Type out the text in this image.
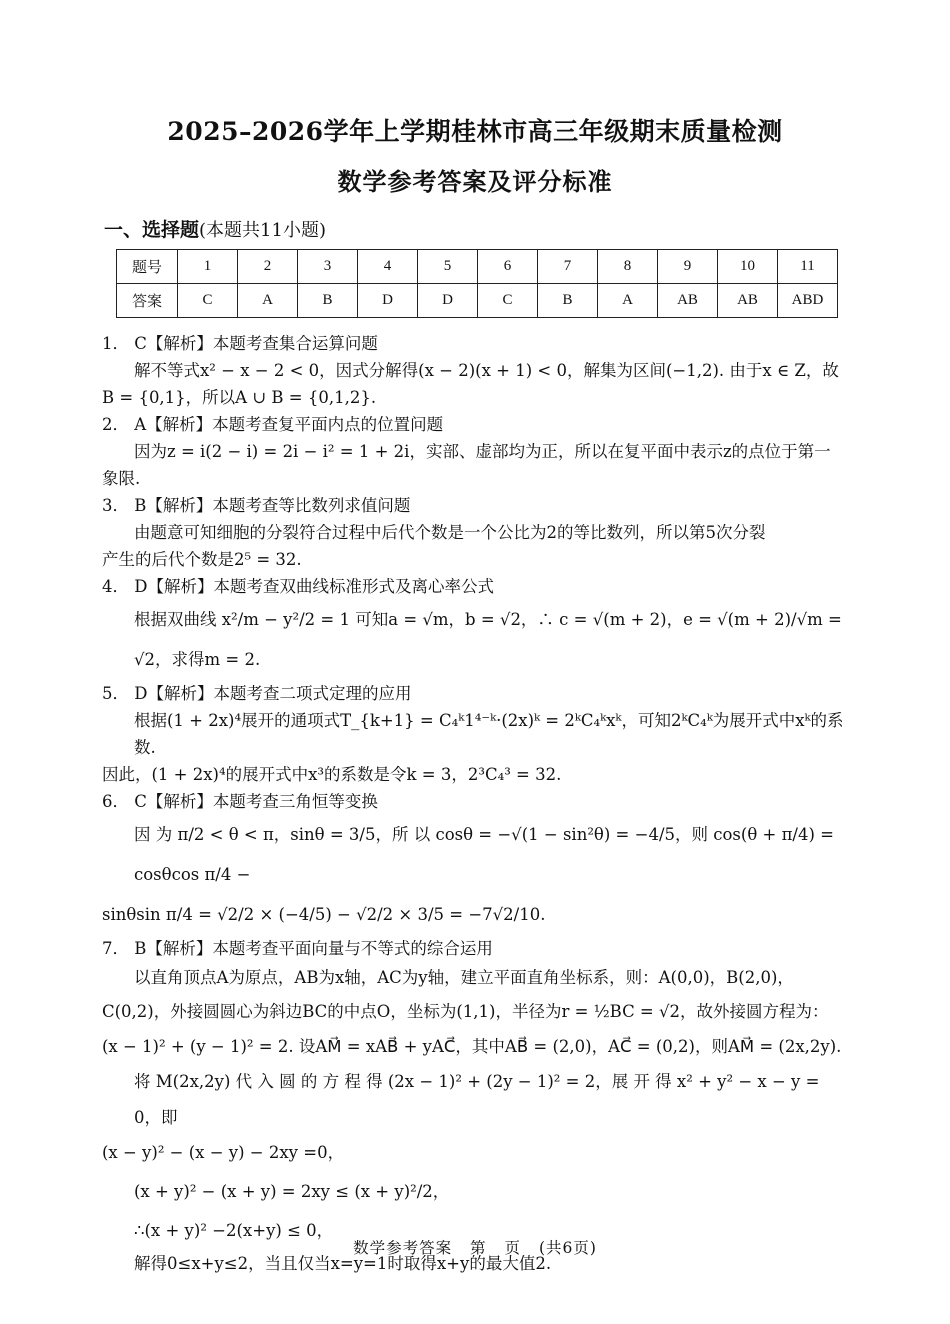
2025–2026学年上学期桂林市高三年级期末质量检测
数学参考答案及评分标准
一、选择题(本题共11小题)
题号	1	2	3	4	5	6	7	8	9	10	11
答案	C	A	B	D	D	C	B	A	AB	AB	ABD

1． C【解析】本题考查集合运算问题

解不等式x² − x − 2 < 0，因式分解得(x − 2)(x + 1) < 0，解集为区间(−1,2). 由于x ∈ Z，故

B = {0,1}，所以A ∪ B = {0,1,2}.

2． A【解析】本题考查复平面内点的位置问题

因为z = i(2 − i) = 2i − i² = 1 + 2i，实部、虚部均为正，所以在复平面中表示z的点位于第一

象限.

3． B【解析】本题考查等比数列求值问题

由题意可知细胞的分裂符合过程中后代个数是一个公比为2的等比数列，所以第5次分裂

产生的后代个数是2⁵ = 32.

4． D【解析】本题考查双曲线标准形式及离心率公式

根据双曲线 x²/m − y²/2 = 1 可知a = √m，b = √2，∴ c = √(m + 2)，e = √(m + 2)/√m = √2，求得m = 2.

5． D【解析】本题考查二项式定理的应用

根据(1 + 2x)⁴展开的通项式T_{k+1} = C₄ᵏ1⁴⁻ᵏ·(2x)ᵏ = 2ᵏC₄ᵏxᵏ，可知2ᵏC₄ᵏ为展开式中xᵏ的系数.

因此，(1 + 2x)⁴的展开式中x³的系数是令k = 3，2³C₄³ = 32.

6． C【解析】本题考查三角恒等变换

因 为 π/2 < θ < π，sinθ = 3/5，所 以 cosθ = −√(1 − sin²θ) = −4/5，则 cos(θ + π/4) = cosθcos π/4 −

sinθsin π/4 = √2/2 × (−4/5) − √2/2 × 3/5 = −7√2/10.

7． B【解析】本题考查平面向量与不等式的综合运用

以直角顶点A为原点，AB为x轴，AC为y轴，建立平面直角坐标系，则：A(0,0)，B(2,0)，

C(0,2)，外接圆圆心为斜边BC的中点O，坐标为(1,1)，半径为r = ½BC = √2，故外接圆方程为：

(x − 1)² + (y − 1)² = 2. 设AM⃗ = xAB⃗ + yAC⃗，其中AB⃗ = (2,0)，AC⃗ = (0,2)，则AM⃗ = (2x,2y).

将 M(2x,2y) 代 入 圆 的 方 程 得 (2x − 1)² + (2y − 1)² = 2，展 开 得 x² + y² − x − y = 0，即

(x − y)² − (x − y) − 2xy =0，

(x + y)² − (x + y) = 2xy ≤ (x + y)²/2，

∴(x + y)² −2(x+y) ≤ 0，

解得0≤x+y≤2，当且仅当x=y=1时取得x+y的最大值2.

数学参考答案 第 页 (共6页)
